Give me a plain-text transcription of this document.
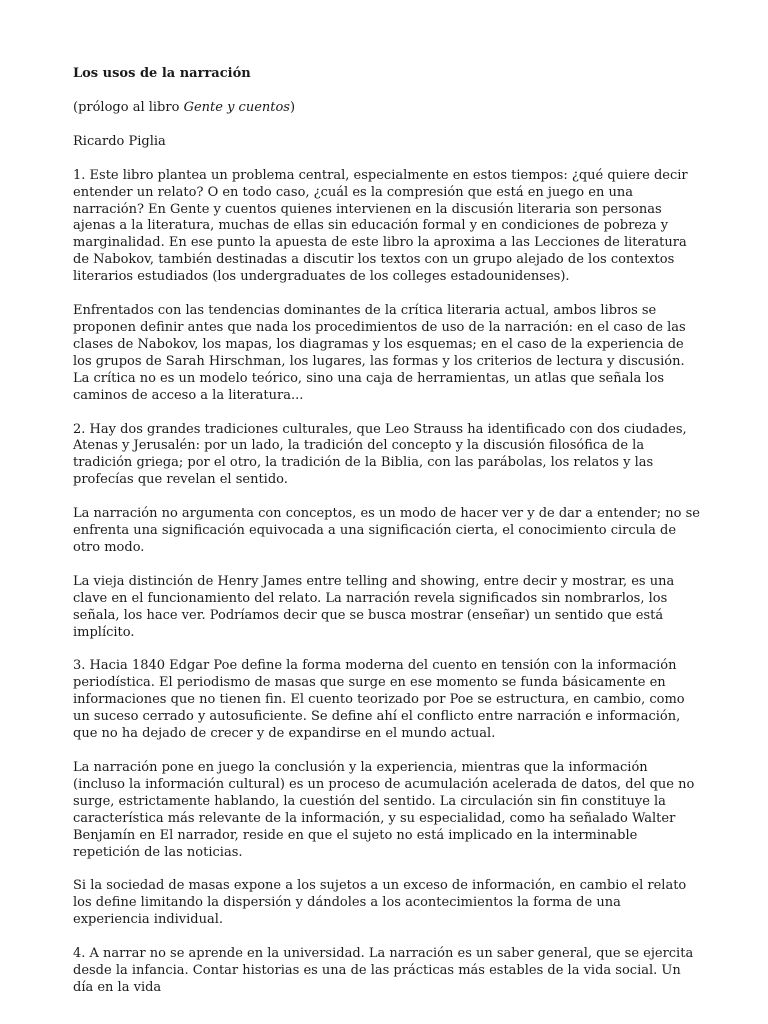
Los usos de la narración
(prólogo al libro Gente y cuentos)
Ricardo Piglia

1. Este libro plantea un problema central, especialmente en estos tiempos: ¿qué quiere decir entender un relato? O en todo caso, ¿cuál es la compresión que está en juego en una narración? En Gente y cuentos quienes intervienen en la discusión literaria son personas ajenas a la literatura, muchas de ellas sin educación formal y en condiciones de pobreza y marginalidad. En ese punto la apuesta de este libro la aproxima a las Lecciones de literatura de Nabokov, también destinadas a discutir los textos con un grupo alejado de los contextos literarios estudiados (los undergraduates de los colleges estadounidenses).

Enfrentados con las tendencias dominantes de la crítica literaria actual, ambos libros se proponen definir antes que nada los procedimientos de uso de la narración: en el caso de las clases de Nabokov, los mapas, los diagramas y los esquemas; en el caso de la experiencia de los grupos de Sarah Hirschman, los lugares, las formas y los criterios de lectura y discusión. La crítica no es un modelo teórico, sino una caja de herramientas, un atlas que señala los caminos de acceso a la literatura...

2. Hay dos grandes tradiciones culturales, que Leo Strauss ha identificado con dos ciudades, Atenas y Jerusalén: por un lado, la tradición del concepto y la discusión filosófica de la tradición griega; por el otro, la tradición de la Biblia, con las parábolas, los relatos y las profecías que revelan el sentido.

La narración no argumenta con conceptos, es un modo de hacer ver y de dar a entender; no se enfrenta una significación equivocada a una significación cierta, el conocimiento circula de otro modo.

La vieja distinción de Henry James entre telling and showing, entre decir y mostrar, es una clave en el funcionamiento del relato. La narración revela significados sin nombrarlos, los señala, los hace ver. Podríamos decir que se busca mostrar (enseñar) un sentido que está implícito.

3. Hacia 1840 Edgar Poe define la forma moderna del cuento en tensión con la información periodística. El periodismo de masas que surge en ese momento se funda básicamente en informaciones que no tienen fin. El cuento teorizado por Poe se estructura, en cambio, como un suceso cerrado y autosuficiente. Se define ahí el conflicto entre narración e información, que no ha dejado de crecer y de expandirse en el mundo actual.

La narración pone en juego la conclusión y la experiencia, mientras que la información (incluso la información cultural) es un proceso de acumulación acelerada de datos, del que no surge, estrictamente hablando, la cuestión del sentido. La circulación sin fin constituye la característica más relevante de la información, y su especialidad, como ha señalado Walter Benjamín en El narrador, reside en que el sujeto no está implicado en la interminable repetición de las noticias.

Si la sociedad de masas expone a los sujetos a un exceso de información, en cambio el relato los define limitando la dispersión y dándoles a los acontecimientos la forma de una experiencia individual.

4. A narrar no se aprende en la universidad. La narración es un saber general, que se ejercita desde la infancia. Contar historias es una de las prácticas más estables de la vida social. Un día en la vida
